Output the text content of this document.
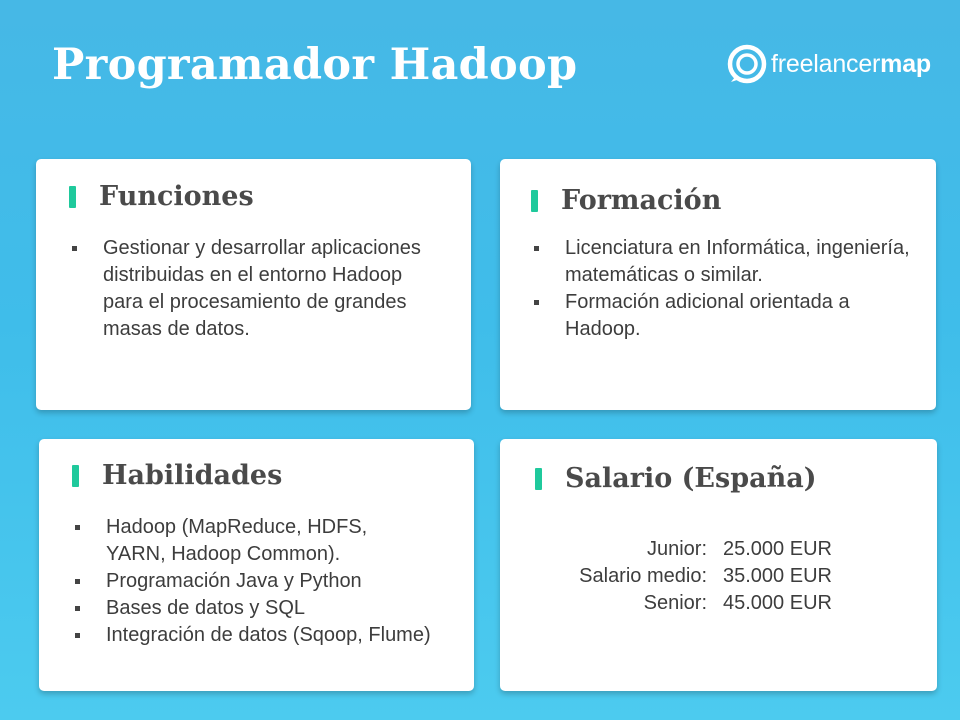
Programador Hadoop	freelancermap
Funciones
Gestionar y desarrollar aplicaciones distribuidas en el entorno Hadoop para el procesamiento de grandes masas de datos.
Formación
Licenciatura en Informática, ingeniería, matemáticas o similar.
Formación adicional orientada a Hadoop.
Habilidades
Hadoop (MapReduce, HDFS, YARN, Hadoop Common).
Programación Java y Python
Bases de datos y SQL
Integración de datos (Sqoop, Flume)
Salario (España)
Junior:	25.000 EUR
Salario medio:	35.000 EUR
Senior:	45.000 EUR
